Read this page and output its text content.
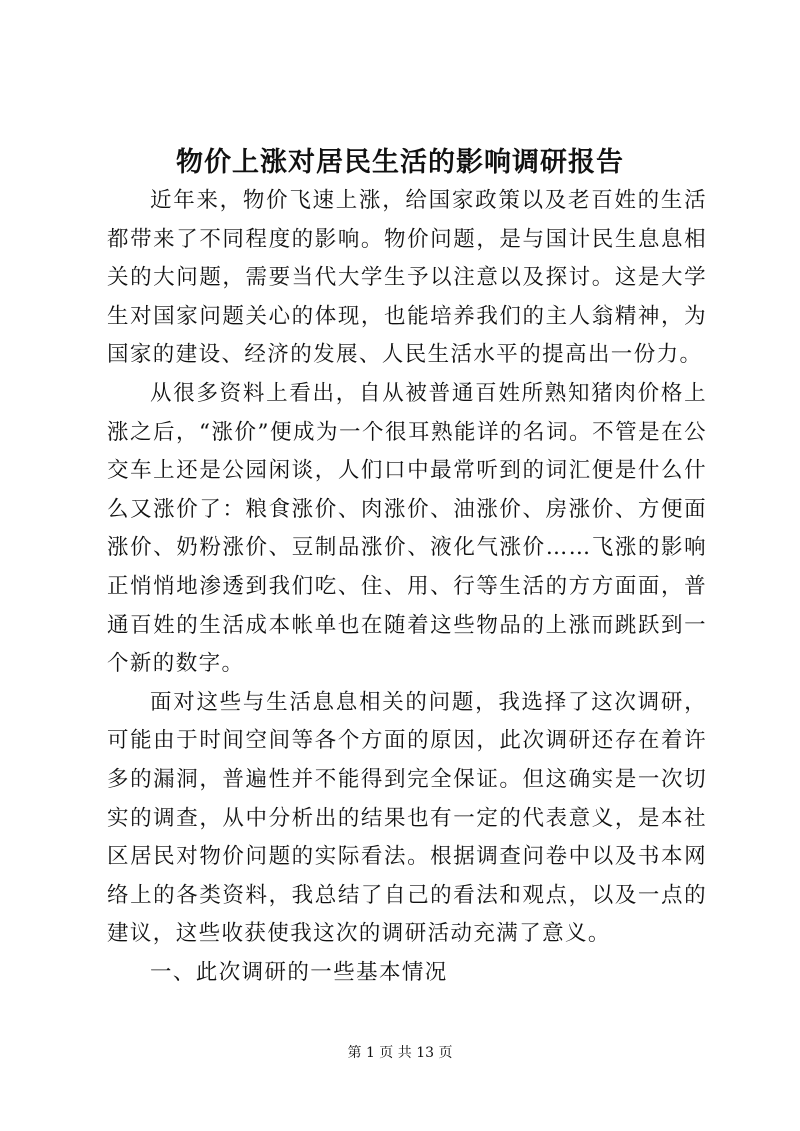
物价上涨对居民生活的影响调研报告

近年来，物价飞速上涨，给国家政策以及老百姓的生活都带来了不同程度的影响。物价问题，是与国计民生息息相关的大问题，需要当代大学生予以注意以及探讨。这是大学生对国家问题关心的体现，也能培养我们的主人翁精神，为国家的建设、经济的发展、人民生活水平的提高出一份力。

从很多资料上看出，自从被普通百姓所熟知猪肉价格上涨之后，“涨价”便成为一个很耳熟能详的名词。不管是在公交车上还是公园闲谈，人们口中最常听到的词汇便是什么什么又涨价了：粮食涨价、肉涨价、油涨价、房涨价、方便面涨价、奶粉涨价、豆制品涨价、液化气涨价……飞涨的影响正悄悄地渗透到我们吃、住、用、行等生活的方方面面，普通百姓的生活成本帐单也在随着这些物品的上涨而跳跃到一个新的数字。

面对这些与生活息息相关的问题，我选择了这次调研，可能由于时间空间等各个方面的原因，此次调研还存在着许多的漏洞，普遍性并不能得到完全保证。但这确实是一次切实的调查，从中分析出的结果也有一定的代表意义，是本社区居民对物价问题的实际看法。根据调查问卷中以及书本网络上的各类资料，我总结了自己的看法和观点，以及一点的建议，这些收获使我这次的调研活动充满了意义。

一、此次调研的一些基本情况

第 1 页 共 13 页
